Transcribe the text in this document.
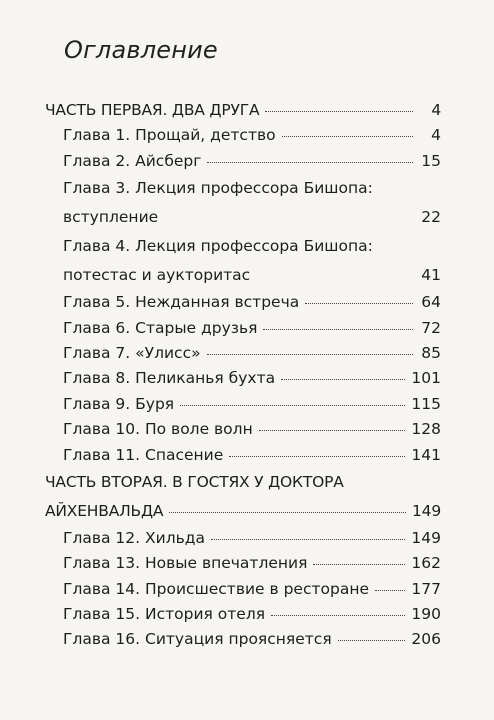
Оглавление
ЧАСТЬ ПЕРВАЯ. ДВА ДРУГА	4
Глава 1. Прощай, детство	4
Глава 2. Айсберг	15
Глава 3. Лекция профессора Бишопа:
вступление	22
Глава 4. Лекция профессора Бишопа:
потестас и аукторитас	41
Глава 5. Нежданная встреча	64
Глава 6. Старые друзья	72
Глава 7. «Улисс»	85
Глава 8. Пеликанья бухта	101
Глава 9. Буря	115
Глава 10. По воле волн	128
Глава 11. Спасение	141
ЧАСТЬ ВТОРАЯ. В ГОСТЯХ У ДОКТОРА
АЙХЕНВАЛЬДА	149
Глава 12. Хильда	149
Глава 13. Новые впечатления	162
Глава 14. Происшествие в ресторане	177
Глава 15. История отеля	190
Глава 16. Ситуация проясняется	206
